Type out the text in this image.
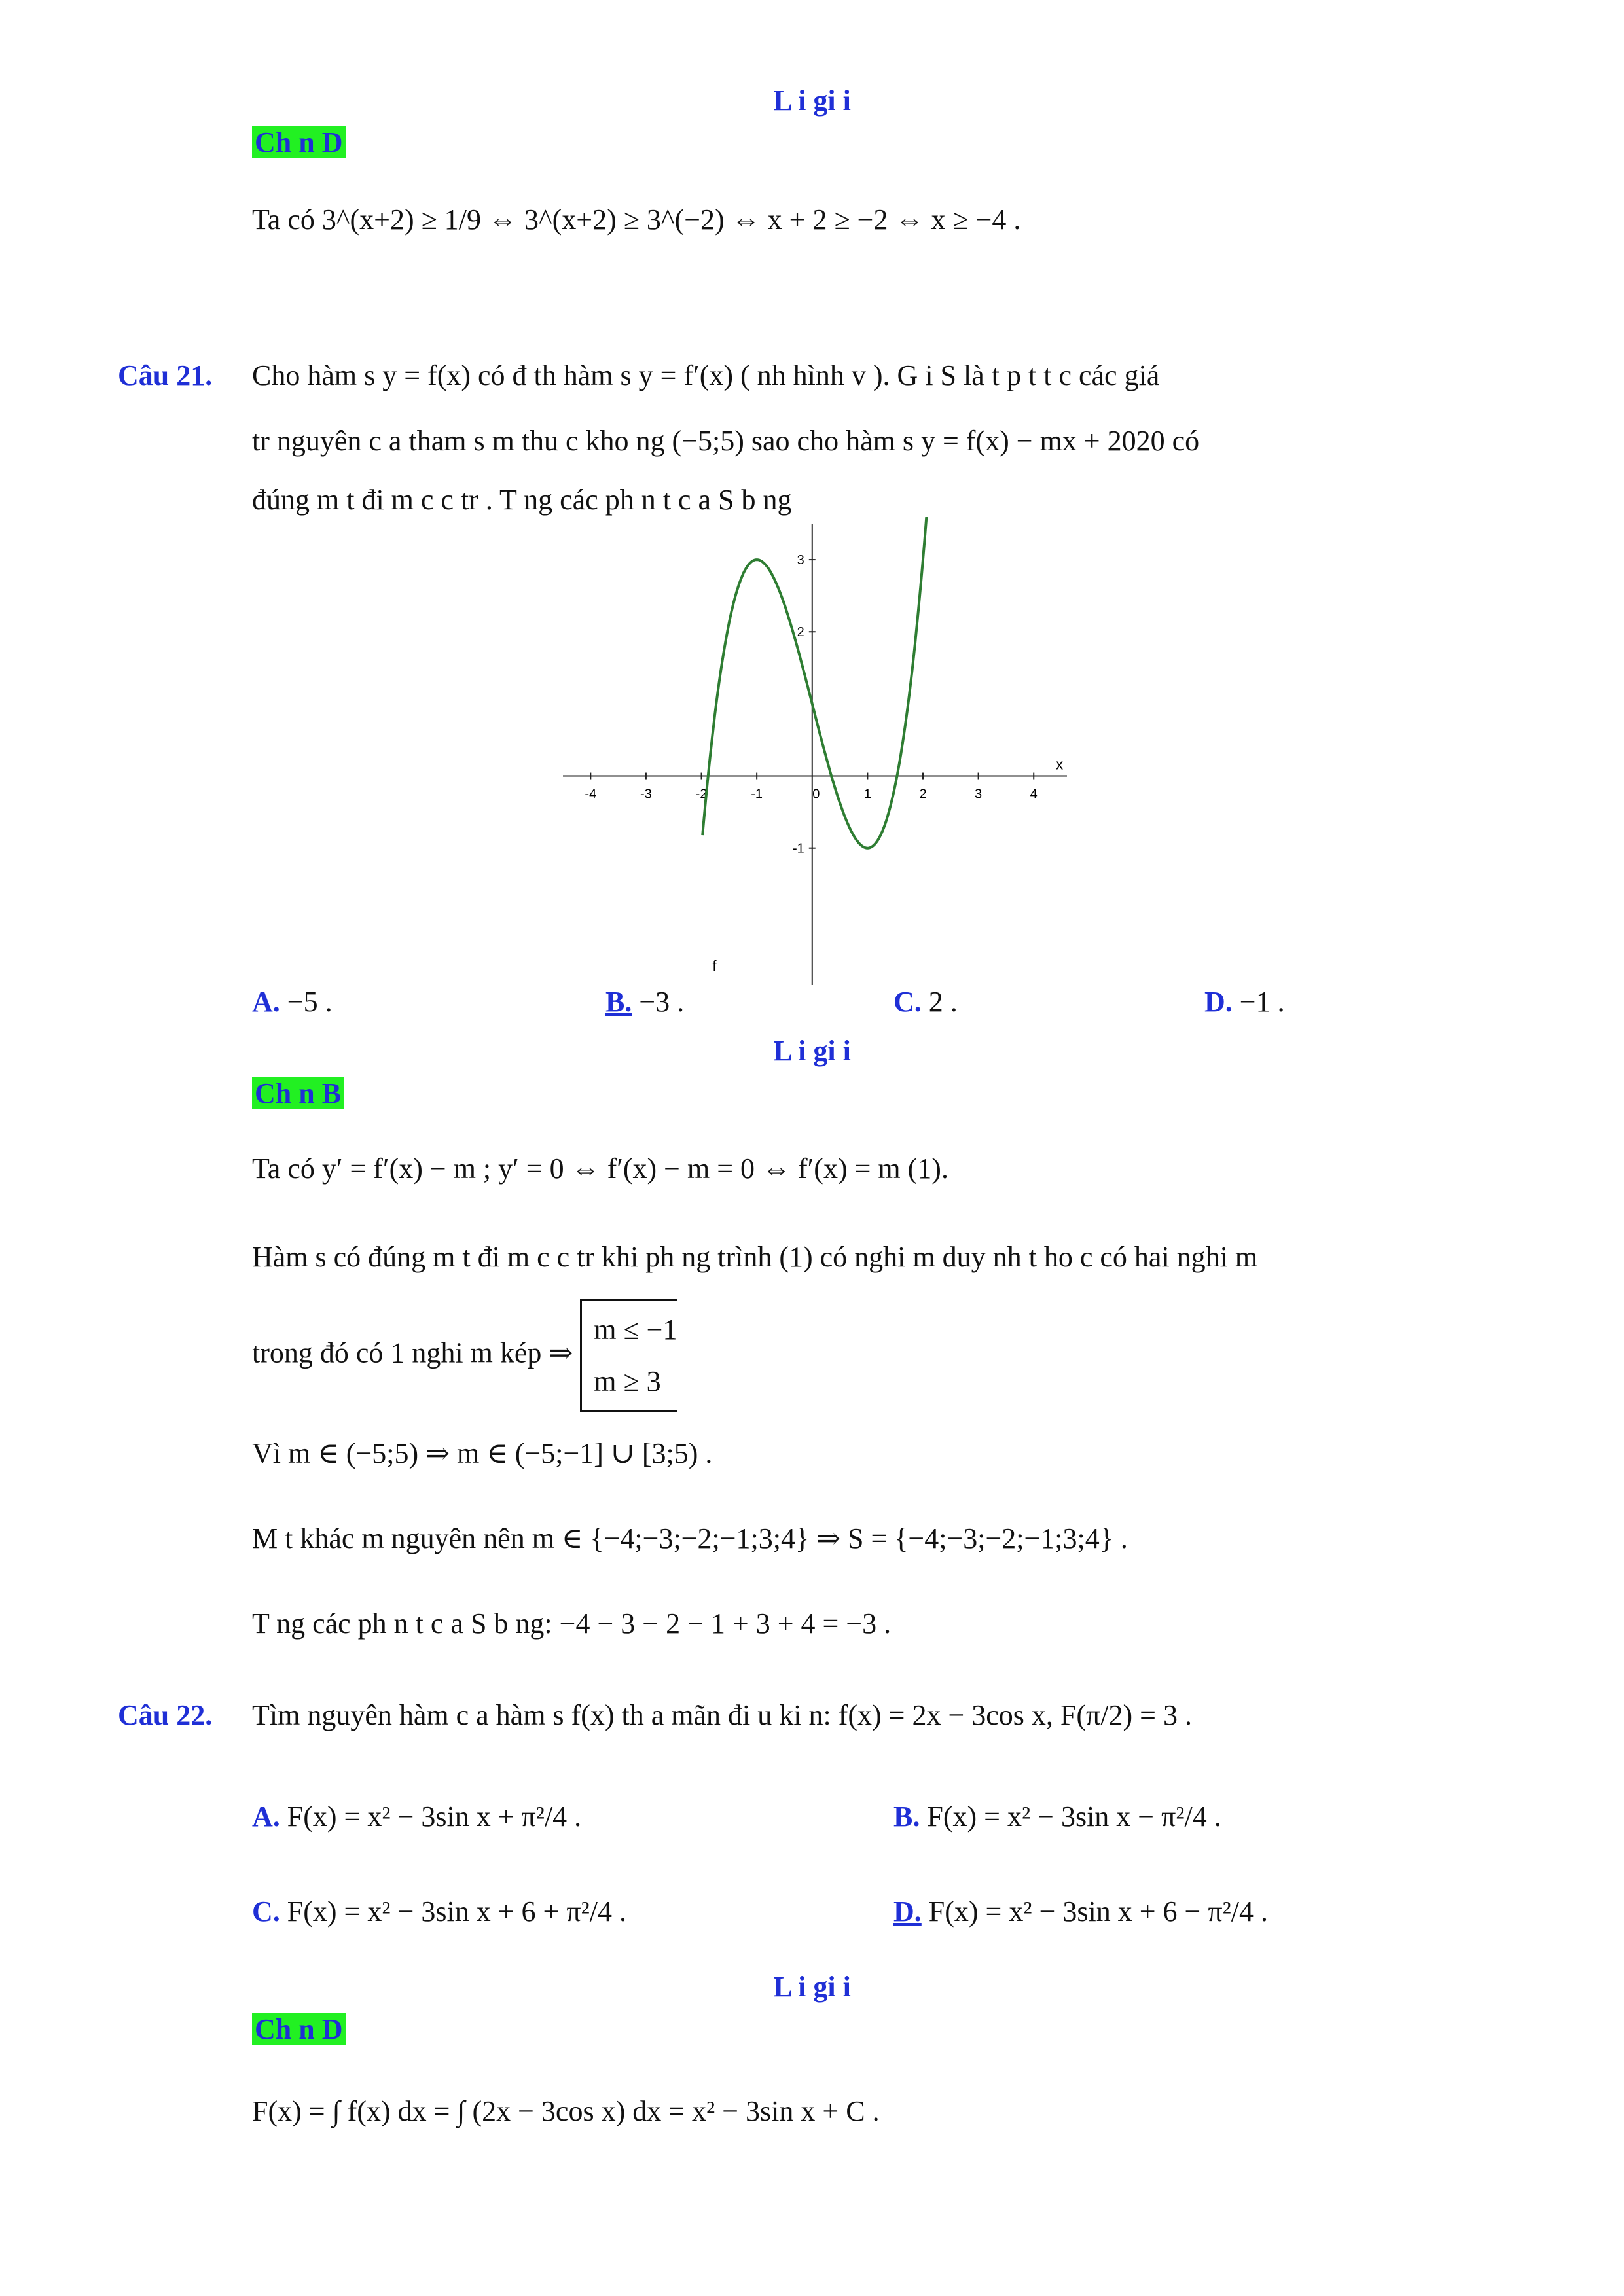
L i gi i
Ch n D
Ta có 3^(x+2) ≥ 1/9 ⇔ 3^(x+2) ≥ 3^(−2) ⇔ x + 2 ≥ −2 ⇔ x ≥ −4 .
Câu 21. Cho hàm s y = f(x) có đ th hàm s y = f′(x) ( nh hình v ). G i S là t p t t c các giá
tr nguyên c a tham s m thu c kho ng (−5;5) sao cho hàm s y = f(x) − mx + 2020 có
đúng m t đi m c c tr . T ng các ph n t c a S b ng
-4	-3	-2	-1	0	1	2	3	4
3
2
-1
x
f
A. −5 .	B. −3 .	C. 2 .	D. −1 .
L i gi i
Ch n B
Ta có y′ = f′(x) − m ; y′ = 0 ⇔ f′(x) − m = 0 ⇔ f′(x) = m (1).
Hàm s có đúng m t đi m c c tr khi ph ng trình (1) có nghi m duy nh t ho c có hai nghi m
trong đó có 1 nghi m kép ⇒
m ≤ −1
m ≥ 3
Vì m ∈ (−5;5) ⇒ m ∈ (−5;−1] ∪ [3;5) .
M t khác m nguyên nên m ∈ {−4;−3;−2;−1;3;4} ⇒ S = {−4;−3;−2;−1;3;4} .
T ng các ph n t c a S b ng: −4 − 3 − 2 − 1 + 3 + 4 = −3 .
Câu 22. Tìm nguyên hàm c a hàm s f(x) th a mãn đi u ki n: f(x) = 2x − 3cos x, F(π/2) = 3 .
A. F(x) = x² − 3sin x + π²/4 .	B. F(x) = x² − 3sin x − π²/4 .
C. F(x) = x² − 3sin x + 6 + π²/4 .	D. F(x) = x² − 3sin x + 6 − π²/4 .
L i gi i
Ch n D
F(x) = ∫ f(x) dx = ∫ (2x − 3cos x) dx = x² − 3sin x + C .
